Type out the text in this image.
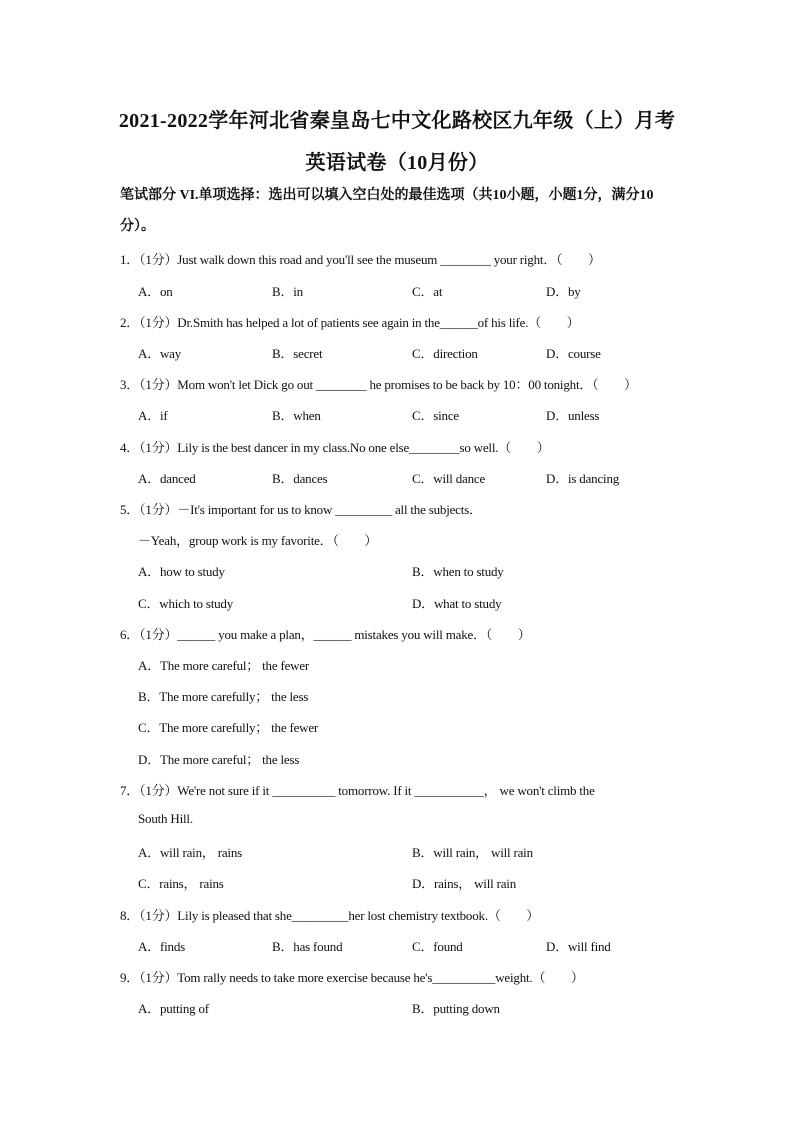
2021-2022学年河北省秦皇岛七中文化路校区九年级（上）月考
英语试卷（10月份）
笔试部分 VI.单项选择：选出可以填入空白处的最佳选项（共10小题，小题1分，满分10
分）。
1．（1分）Just walk down this road and you'll see the museum ________ your right．（　　）
A．on	B．in	C．at	D．by
2．（1分）Dr.Smith has helped a lot of patients see again in the______of his life.（　　）
A．way	B．secret	C．direction	D．course
3．（1分）Mom won't let Dick go out ________ he promises to be back by 10：00 tonight．（　　）
A．if	B．when	C．since	D．unless
4．（1分）Lily is the best dancer in my class.No one else________so well.（　　）
A．danced	B．dances	C．will dance	D．is dancing
5．（1分）－It's important for us to know _________ all the subjects．
－Yeah，group work is my favorite．（　　）
A．how to study	B．when to study
C．which to study	D．what to study
6．（1分）______ you make a plan，______ mistakes you will make．（　　）
A．The more careful； the fewer
B．The more carefully； the less
C．The more carefully； the fewer
D．The more careful； the less
7．（1分）We're not sure if it __________ tomorrow. If it ___________， we won't climb the
South Hill.
A．will rain， rains	B．will rain， will rain
C．rains， rains	D．rains， will rain
8．（1分）Lily is pleased that she_________her lost chemistry textbook.（　　）
A．finds	B．has found	C．found	D．will find
9．（1分）Tom rally needs to take more exercise because he's__________weight.（　　）
A．putting of	B．putting down
